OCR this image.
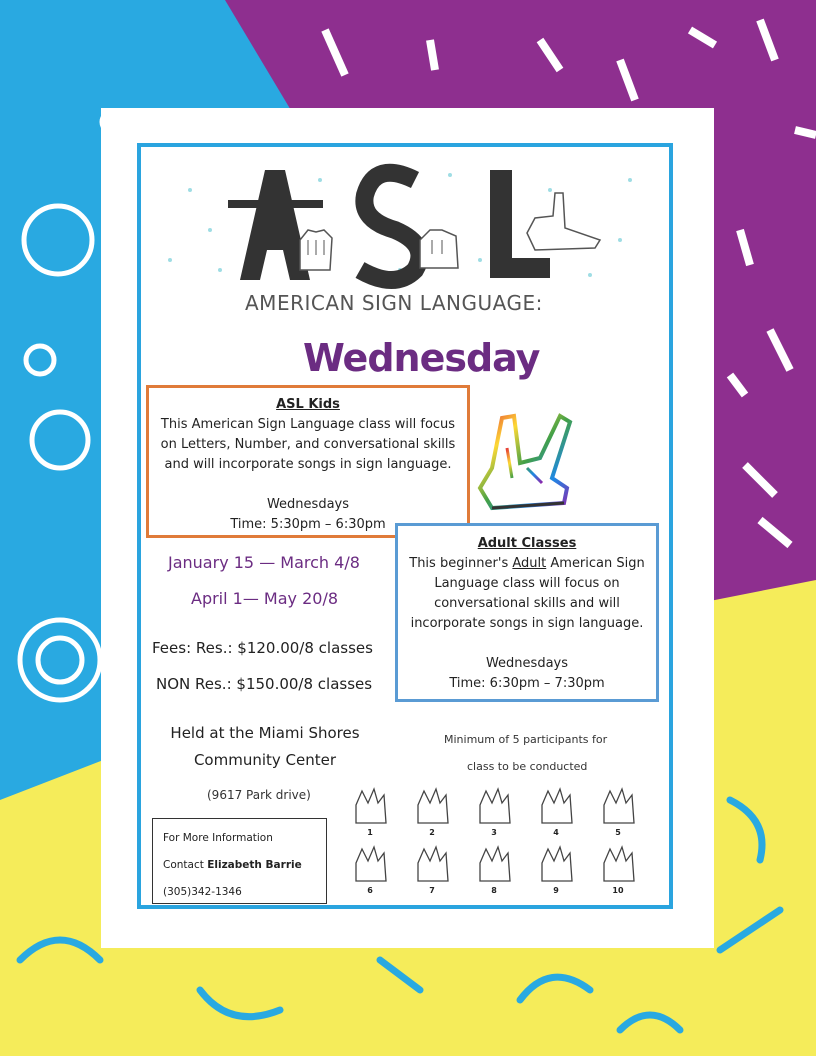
AMERICAN SIGN LANGUAGE:
Wednesday
ASL Kids
This American Sign Language class will focus on Letters, Number, and conversational skills and will incorporate songs in sign language.
Wednesdays
Time: 5:30pm – 6:30pm
Adult Classes
This beginner's Adult American Sign Language class will focus on conversational skills and will incorporate songs in sign language.
Wednesdays
Time: 6:30pm – 7:30pm
January 15 — March 4/8
April 1— May 20/8
Fees: Res.: $120.00/8 classes
NON Res.: $150.00/8 classes
Held at the Miami Shores
Community Center
(9617 Park drive)
Minimum of 5 participants for
class to be conducted
For More Information
Contact Elizabeth Barrie
(305)342-1346
1	2	3	4	5
6	7	8	9	10
